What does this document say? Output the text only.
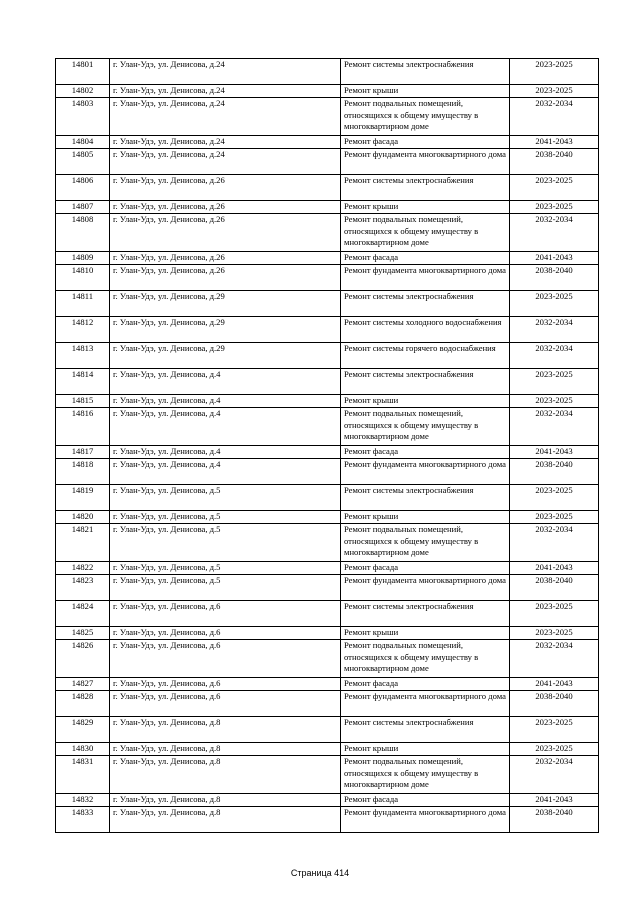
14801	г. Улан-Удэ, ул. Денисова, д.24	Ремонт системы электроснабжения	2023-2025
14802	г. Улан-Удэ, ул. Денисова, д.24	Ремонт крыши	2023-2025
14803	г. Улан-Удэ, ул. Денисова, д.24	Ремонт подвальных помещений, относящихся к общему имуществу в многоквартирном доме	2032-2034
14804	г. Улан-Удэ, ул. Денисова, д.24	Ремонт фасада	2041-2043
14805	г. Улан-Удэ, ул. Денисова, д.24	Ремонт фундамента многоквартирного дома	2038-2040
14806	г. Улан-Удэ, ул. Денисова, д.26	Ремонт системы электроснабжения	2023-2025
14807	г. Улан-Удэ, ул. Денисова, д.26	Ремонт крыши	2023-2025
14808	г. Улан-Удэ, ул. Денисова, д.26	Ремонт подвальных помещений, относящихся к общему имуществу в многоквартирном доме	2032-2034
14809	г. Улан-Удэ, ул. Денисова, д.26	Ремонт фасада	2041-2043
14810	г. Улан-Удэ, ул. Денисова, д.26	Ремонт фундамента многоквартирного дома	2038-2040
14811	г. Улан-Удэ, ул. Денисова, д.29	Ремонт системы электроснабжения	2023-2025
14812	г. Улан-Удэ, ул. Денисова, д.29	Ремонт системы холодного водоснабжения	2032-2034
14813	г. Улан-Удэ, ул. Денисова, д.29	Ремонт системы горячего водоснабжения	2032-2034
14814	г. Улан-Удэ, ул. Денисова, д.4	Ремонт системы электроснабжения	2023-2025
14815	г. Улан-Удэ, ул. Денисова, д.4	Ремонт крыши	2023-2025
14816	г. Улан-Удэ, ул. Денисова, д.4	Ремонт подвальных помещений, относящихся к общему имуществу в многоквартирном доме	2032-2034
14817	г. Улан-Удэ, ул. Денисова, д.4	Ремонт фасада	2041-2043
14818	г. Улан-Удэ, ул. Денисова, д.4	Ремонт фундамента многоквартирного дома	2038-2040
14819	г. Улан-Удэ, ул. Денисова, д.5	Ремонт системы электроснабжения	2023-2025
14820	г. Улан-Удэ, ул. Денисова, д.5	Ремонт крыши	2023-2025
14821	г. Улан-Удэ, ул. Денисова, д.5	Ремонт подвальных помещений, относящихся к общему имуществу в многоквартирном доме	2032-2034
14822	г. Улан-Удэ, ул. Денисова, д.5	Ремонт фасада	2041-2043
14823	г. Улан-Удэ, ул. Денисова, д.5	Ремонт фундамента многоквартирного дома	2038-2040
14824	г. Улан-Удэ, ул. Денисова, д.6	Ремонт системы электроснабжения	2023-2025
14825	г. Улан-Удэ, ул. Денисова, д.6	Ремонт крыши	2023-2025
14826	г. Улан-Удэ, ул. Денисова, д.6	Ремонт подвальных помещений, относящихся к общему имуществу в многоквартирном доме	2032-2034
14827	г. Улан-Удэ, ул. Денисова, д.6	Ремонт фасада	2041-2043
14828	г. Улан-Удэ, ул. Денисова, д.6	Ремонт фундамента многоквартирного дома	2038-2040
14829	г. Улан-Удэ, ул. Денисова, д.8	Ремонт системы электроснабжения	2023-2025
14830	г. Улан-Удэ, ул. Денисова, д.8	Ремонт крыши	2023-2025
14831	г. Улан-Удэ, ул. Денисова, д.8	Ремонт подвальных помещений, относящихся к общему имуществу в многоквартирном доме	2032-2034
14832	г. Улан-Удэ, ул. Денисова, д.8	Ремонт фасада	2041-2043
14833	г. Улан-Удэ, ул. Денисова, д.8	Ремонт фундамента многоквартирного дома	2038-2040
Страница 414
